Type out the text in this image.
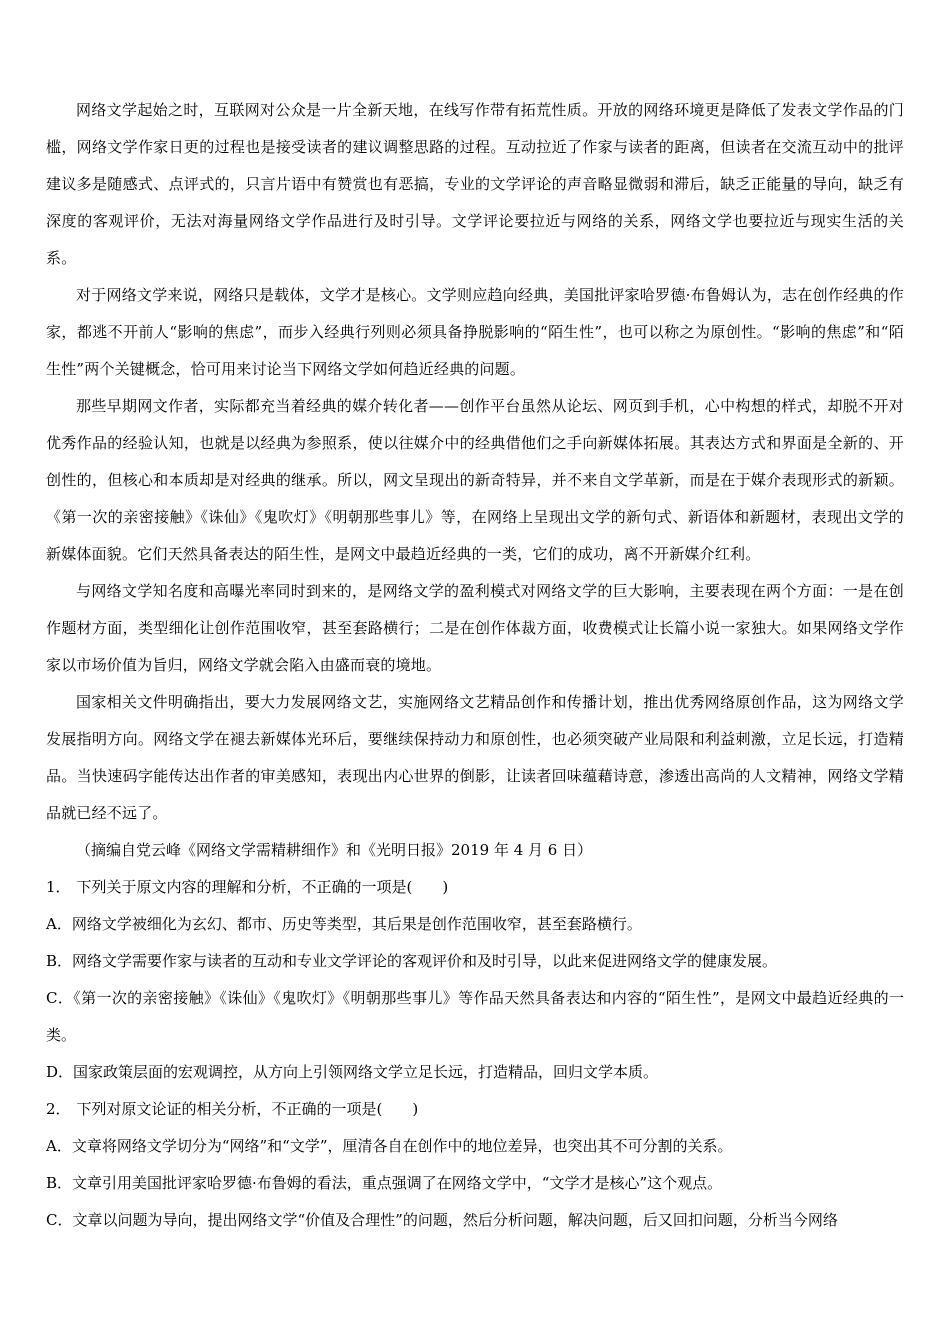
网络文学起始之时，互联网对公众是一片全新天地，在线写作带有拓荒性质。开放的网络环境更是降低了发表文学作品的门槛，网络文学作家日更的过程也是接受读者的建议调整思路的过程。互动拉近了作家与读者的距离，但读者在交流互动中的批评建议多是随感式、点评式的，只言片语中有赞赏也有恶搞，专业的文学评论的声音略显微弱和滞后，缺乏正能量的导向，缺乏有深度的客观评价，无法对海量网络文学作品进行及时引导。文学评论要拉近与网络的关系，网络文学也要拉近与现实生活的关系。

对于网络文学来说，网络只是载体，文学才是核心。文学则应趋向经典，美国批评家哈罗德·布鲁姆认为，志在创作经典的作家，都逃不开前人“影响的焦虑”，而步入经典行列则必须具备挣脱影响的“陌生性”，也可以称之为原创性。“影响的焦虑”和“陌生性”两个关键概念，恰可用来讨论当下网络文学如何趋近经典的问题。

那些早期网文作者，实际都充当着经典的媒介转化者——创作平台虽然从论坛、网页到手机，心中构想的样式，却脱不开对优秀作品的经验认知，也就是以经典为参照系，使以往媒介中的经典借他们之手向新媒体拓展。其表达方式和界面是全新的、开创性的，但核心和本质却是对经典的继承。所以，网文呈现出的新奇特异，并不来自文学革新，而是在于媒介表现形式的新颖。《第一次的亲密接触》《诛仙》《鬼吹灯》《明朝那些事儿》等，在网络上呈现出文学的新句式、新语体和新题材，表现出文学的新媒体面貌。它们天然具备表达的陌生性，是网文中最趋近经典的一类，它们的成功，离不开新媒介红利。

与网络文学知名度和高曝光率同时到来的，是网络文学的盈利模式对网络文学的巨大影响，主要表现在两个方面：一是在创作题材方面，类型细化让创作范围收窄，甚至套路横行；二是在创作体裁方面，收费模式让长篇小说一家独大。如果网络文学作家以市场价值为旨归，网络文学就会陷入由盛而衰的境地。

国家相关文件明确指出，要大力发展网络文艺，实施网络文艺精品创作和传播计划，推出优秀网络原创作品，这为网络文学发展指明方向。网络文学在褪去新媒体光环后，要继续保持动力和原创性，也必须突破产业局限和利益刺激，立足长远，打造精品。当快速码字能传达出作者的审美感知，表现出内心世界的倒影，让读者回味蕴藉诗意，渗透出高尚的人文精神，网络文学精品就已经不远了。

（摘编自党云峰《网络文学需精耕细作》和《光明日报》2019 年 4 月 6 日）

1． 下列关于原文内容的理解和分析，不正确的一项是(　　)

A．网络文学被细化为玄幻、都市、历史等类型，其后果是创作范围收窄，甚至套路横行。

B．网络文学需要作家与读者的互动和专业文学评论的客观评价和及时引导，以此来促进网络文学的健康发展。

C．《第一次的亲密接触》《诛仙》《鬼吹灯》《明朝那些事儿》等作品天然具备表达和内容的“陌生性”，是网文中最趋近经典的一类。

D．国家政策层面的宏观调控，从方向上引领网络文学立足长远，打造精品，回归文学本质。

2． 下列对原文论证的相关分析，不正确的一项是(　　)

A．文章将网络文学切分为“网络”和“文学”，厘清各自在创作中的地位差异，也突出其不可分割的关系。

B．文章引用美国批评家哈罗德·布鲁姆的看法，重点强调了在网络文学中，“文学才是核心”这个观点。

C．文章以问题为导向，提出网络文学“价值及合理性”的问题，然后分析问题，解决问题，后又回扣问题，分析当今网络
